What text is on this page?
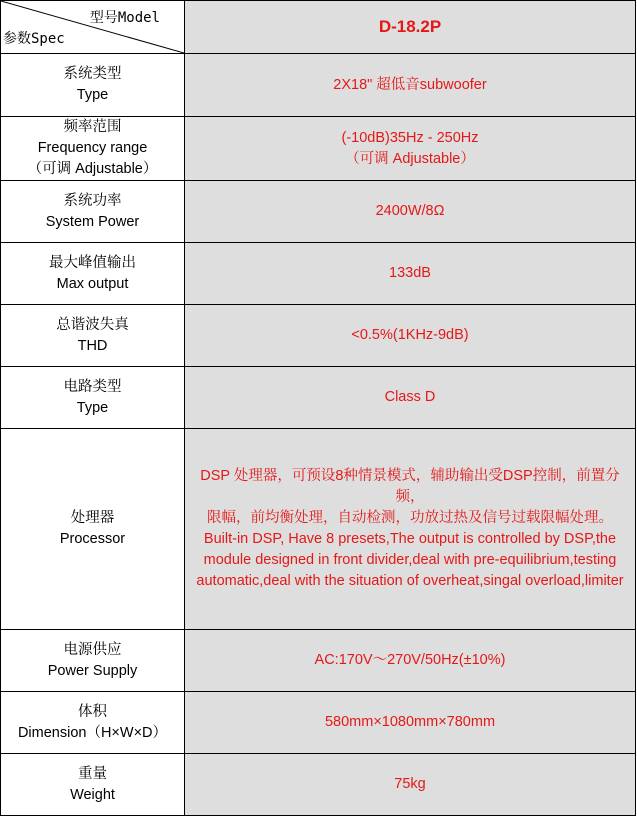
型号Model
参数Spec	D-18.2P

系统类型
Type	2X18" 超低音subwoofer

频率范围
Frequency range
（可调 Adjustable）	(-10dB)35Hz - 250Hz
（可调 Adjustable）

系统功率
System Power	2400W/8Ω

最大峰值输出
Max output	133dB

总谐波失真
THD	<0.5%(1KHz-9dB)

电路类型
Type	Class D

处理器
Processor	DSP 处理器，可预设8种情景模式，辅助输出受DSP控制，前置分频，
限幅，前均衡处理，自动检测，功放过热及信号过载限幅处理。
Built-in DSP, Have 8 presets,The output is controlled by DSP,the module designed in front divider,deal with pre-equilibrium,testing automatic,deal with the situation of overheat,singal overload,limiter

电源供应
Power Supply	AC:170V～270V/50Hz(±10%)

体积
Dimension（H×W×D）	580mm×1080mm×780mm

重量
Weight	75kg
